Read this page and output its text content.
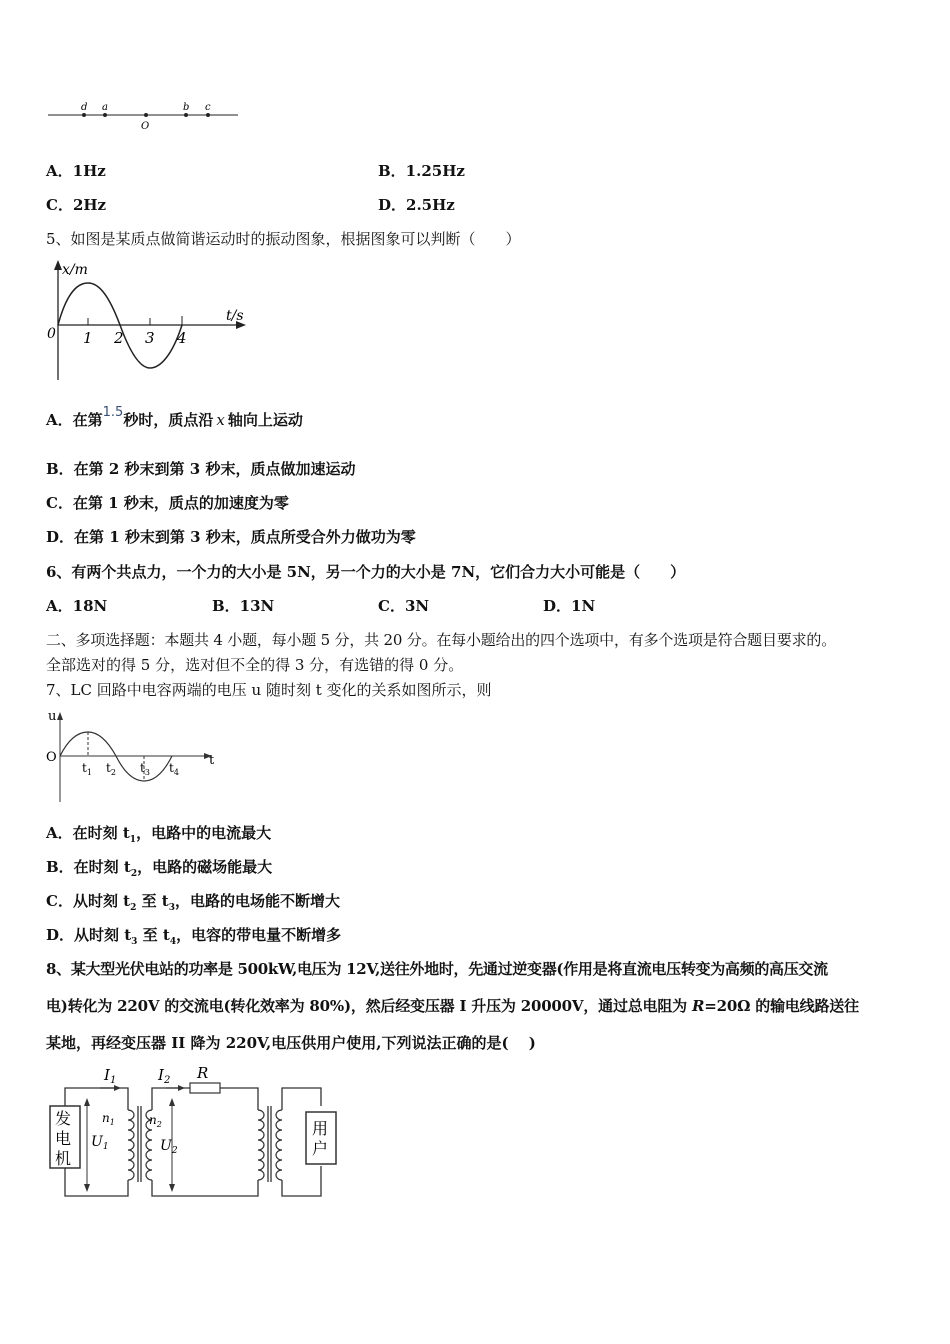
d a
O
b c
A．1Hz	B．1.25Hz
C．2Hz	D．2.5Hz
5、如图是某质点做简谐运动时的振动图象，根据图象可以判断（　　）
x/m
t/s
0 1 2 3 4
A．在第1.5秒时，质点沿 x 轴向上运动
B．在第 2 秒末到第 3 秒末，质点做加速运动
C．在第 1 秒末，质点的加速度为零
D．在第 1 秒末到第 3 秒末，质点所受合外力做功为零
6、有两个共点力，一个力的大小是 5N，另一个力的大小是 7N，它们合力大小可能是（　　）
A．18N	B．13N	C．3N	D．1N
二、多项选择题：本题共 4 小题，每小题 5 分，共 20 分。在每小题给出的四个选项中，有多个选项是符合题目要求的。
全部选对的得 5 分，选对但不全的得 3 分，有选错的得 0 分。
7、LC 回路中电容两端的电压 u 随时刻 t 变化的关系如图所示，则
u
t
O
$t_1$ $t_2$ $t_3$ $t_4$
A．在时刻 $t_1$，电路中的电流最大
B．在时刻 $t_2$，电路的磁场能最大
C．从时刻 $t_2$ 至 $t_3$，电路的电场能不断增大
D．从时刻 $t_3$ 至 $t_4$，电容的带电量不断增多
8、某大型光伏电站的功率是 500kW,电压为 12V,送往外地时，先通过逆变器(作用是将直流电压转变为高频的高压交流
电)转化为 220V 的交流电(转化效率为 80%)，然后经变压器 I 升压为 20000V，通过总电阻为 R=20Ω 的输电线路送往
某地，再经变压器 II 降为 220V,电压供用户使用,下列说法正确的是(　 )
发
电
机
$I_1$
$U_1$
$n_1$
R
$I_2$
$U_2$
$n_2$	用
户
